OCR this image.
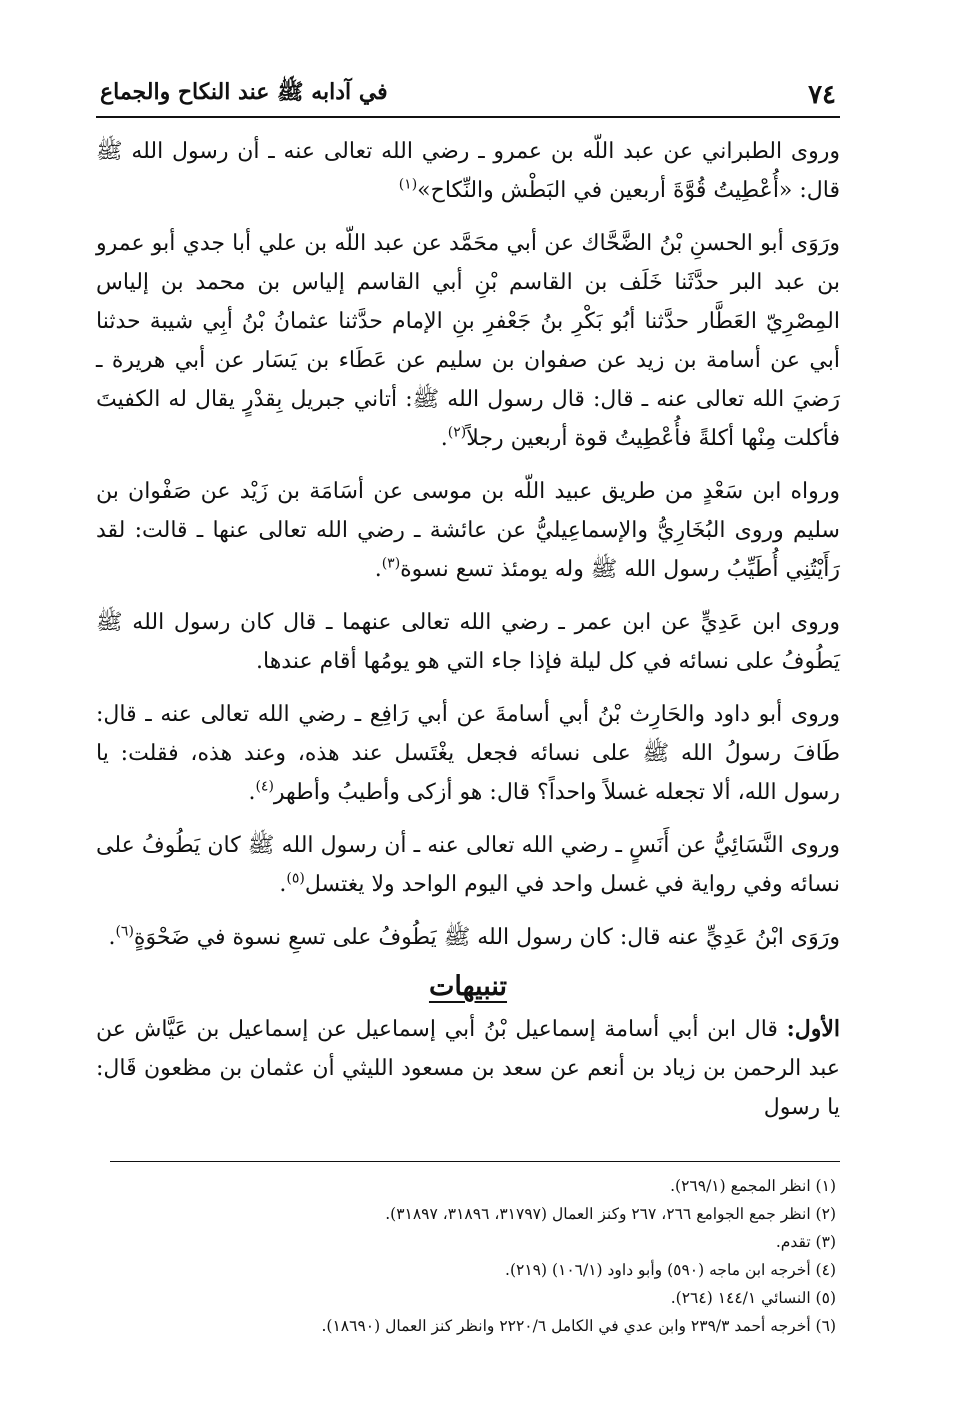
٧٤
في آدابه ﷺ عند النكاح والجماع

وروى الطبراني عن عبد اللّه بن عمرو ـ رضي الله تعالى عنه ـ أن رسول الله ﷺ قال: «أُعْطِيتُ قُوَّةَ أربعين في البَطْش والنِّكاح»$^{(١)}$

ورَوَى أبو الحسنِ بْنُ الضَّحَّاك عن أبي محَمَّد عن عبد اللّه بن علي أبا جدي أبو عمرو بن عبد البر حدَّثَنا خَلَف بن القاسم بْنِ أبي القاسم إلياس بن محمد بن إلياس المِصْرِيّ العَطَّار حدَّثنا أبُو بَكْرِ بنُ جَعْفرِ بنِ الإمام حدَّثنا عثمانُ بْنُ أبِي شيبة حدثنا أبي عن أسامة بن زيد عن صفوان بن سليم عن عَطَاء بن يَسَار عن أبي هريرة ـ رَضيَ الله تعالى عنه ـ قال: قال رسول الله ﷺ: أتاني جبريل بِقدْرٍ يقال له الكفيتَ فأكلت مِنْها أكلةً فأُعْطِيتُ قوة أربعين رجلاً$^{(٢)}$.

ورواه ابن سَعْدٍ من طريق عبيد اللّه بن موسى عن أسَامَة بن زَيْد عن صَفْوان بن سليم وروى البُخَارِيُّ والإسماعِيليُّ عن عائشة ـ رضي الله تعالى عنها ـ قالت: لقد رَأَيْتُنِي أُطَيِّبُ رسول الله ﷺ وله يومئذ تسع نسوة$^{(٣)}$.

وروى ابن عَدِيٍّ عن ابن عمر ـ رضي الله تعالى عنهما ـ قال كان رسول الله ﷺ يَطُوفُ على نسائه في كل ليلة فإذا جاء التي هو يومُها أقام عندها.

وروى أبو داود والحَارِث بْنُ أبي أسامةَ عن أبي رَافِع ـ رضي الله تعالى عنه ـ قال: طَافَ رسولُ الله ﷺ على نسائه فجعل يغْتَسل عند هذه، وعند هذه، فقلت: يا رسول الله، ألا تجعله غسلاً واحداً؟ قال: هو أزكى وأطيبُ وأطهر$^{(٤)}$.

وروى النَّسَائِيُّ عن أَنَسٍ ـ رضي الله تعالى عنه ـ أن رسول الله ﷺ كان يَطُوفُ على نسائه وفي رواية في غسل واحد في اليوم الواحد ولا يغتسل$^{(٥)}$.

ورَوَى ابْنُ عَدِيٍّ عنه قال: كان رسول الله ﷺ يَطُوفُ على تسعِ نسوة في ضَحْوَةٍ$^{(٦)}$.

تنبيهات

الأول: قال ابن أبي أسامة إسماعيل بْنُ أبي إسماعيل عن إسماعيل بن عَيَّاش عن عبد الرحمن بن زياد بن أنعم عن سعد بن مسعود الليثي أن عثمان بن مظعون قَال: يا رسول

(١) انظر المجمع (٢٦٩/١).
(٢) انظر جمع الجوامع ٢٦٦، ٢٦٧ وكنز العمال (٣١٧٩٧، ٣١٨٩٦، ٣١٨٩٧).
(٣) تقدم.
(٤) أخرجه ابن ماجه (٥٩٠) وأبو داود (١٠٦/١) (٢١٩).
(٥) النسائي ١٤٤/١ (٢٦٤).
(٦) أخرجه أحمد ٢٣٩/٣ وابن عدي في الكامل ٢٢٢٠/٦ وانظر كنز العمال (١٨٦٩٠).
